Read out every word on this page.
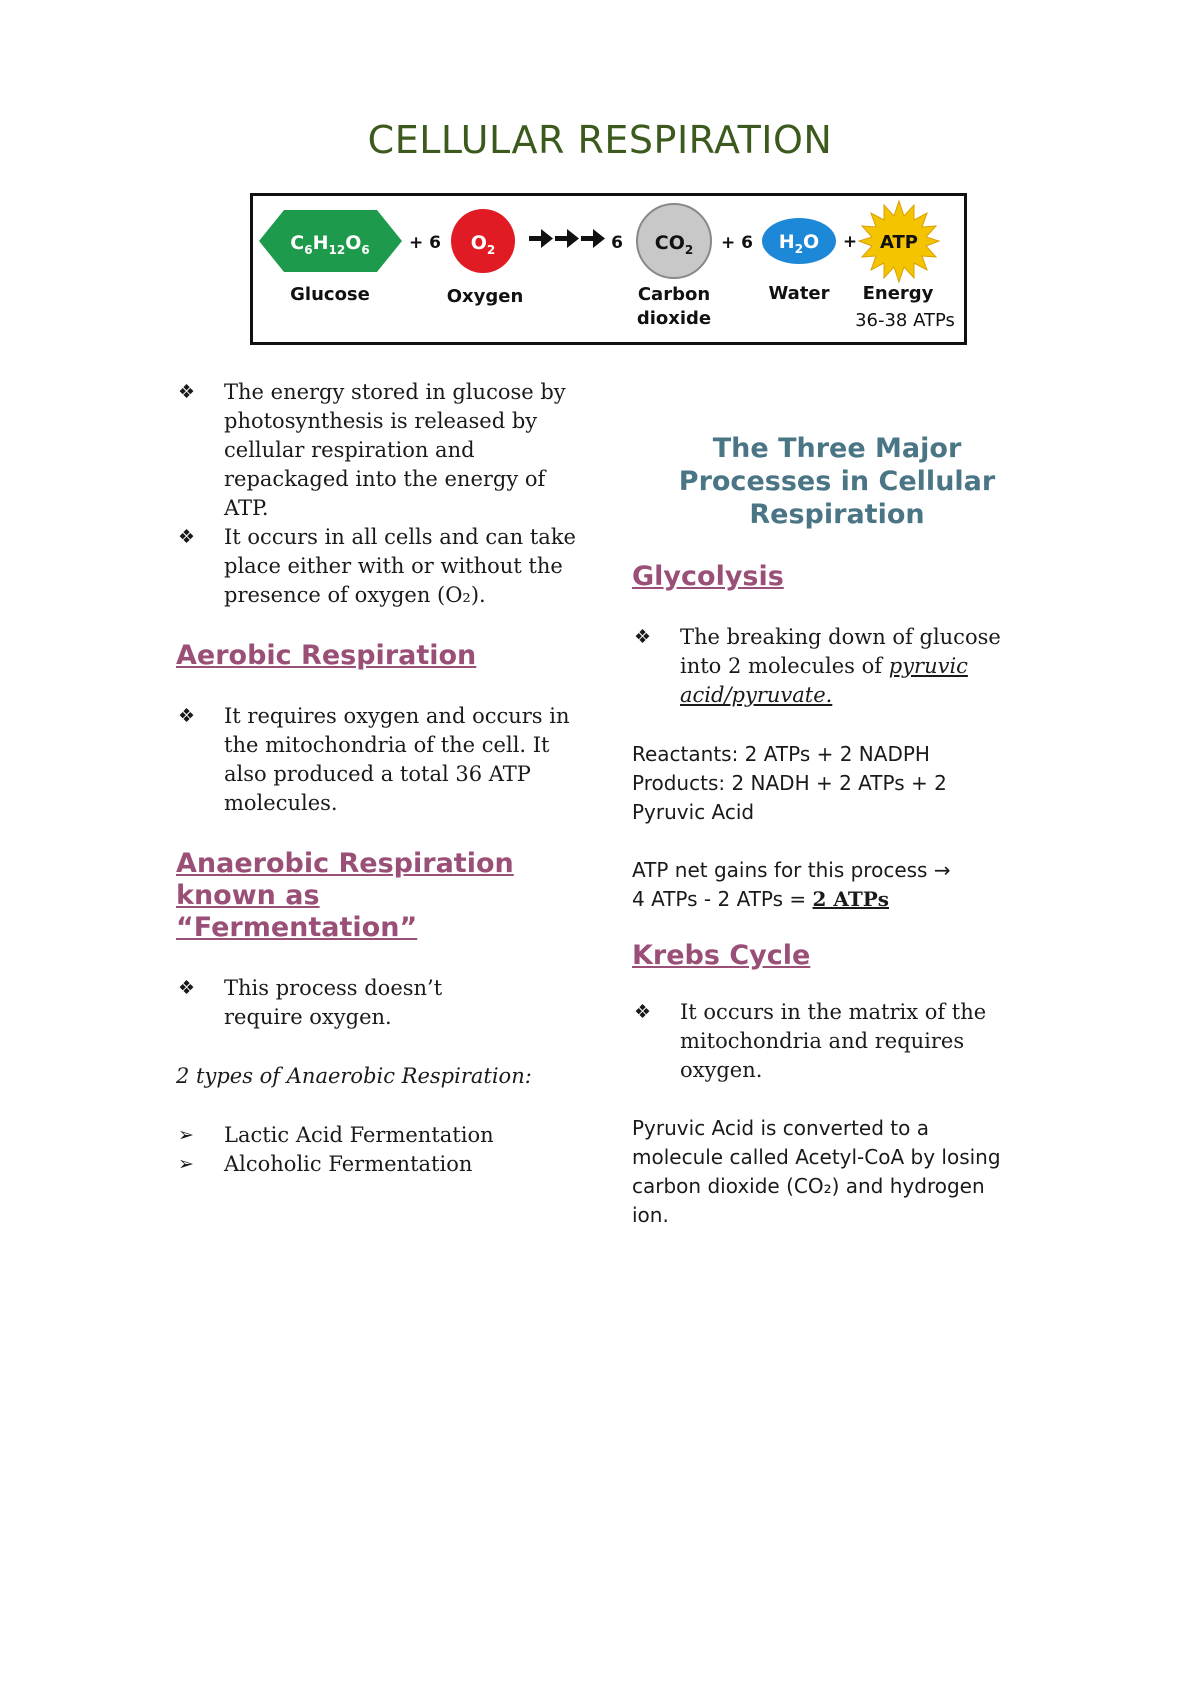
CELLULAR RESPIRATION
$C_6H_{12}O_6$
Glucose
+ 6 $O_2$
Oxygen
6 $CO_2$
Carbon
dioxide
+ 6 $H_2O$
Water
+ ATP
Energy
36-38 ATPs
❖ The energy stored in glucose by photosynthesis is released by cellular respiration and repackaged into the energy of ATP.
❖ It occurs in all cells and can take place either with or without the presence of oxygen (O₂).
Aerobic Respiration
❖ It requires oxygen and occurs in the mitochondria of the cell. It also produced a total 36 ATP molecules.
Anaerobic Respiration known as “Fermentation”
❖ This process doesn’t require oxygen.

2 types of Anaerobic Respiration:

➢ Lactic Acid Fermentation
➢ Alcoholic Fermentation
The Three Major Processes in Cellular Respiration
Glycolysis
❖ The breaking down of glucose into 2 molecules of pyruvic acid/pyruvate.

Reactants: 2 ATPs + 2 NADPH

Products: 2 NADH + 2 ATPs + 2 Pyruvic Acid

ATP net gains for this process →

4 ATPs - 2 ATPs = 2 ATPs

Krebs Cycle
❖ It occurs in the matrix of the mitochondria and requires oxygen.

Pyruvic Acid is converted to a molecule called Acetyl-CoA by losing carbon dioxide (CO₂) and hydrogen ion.
